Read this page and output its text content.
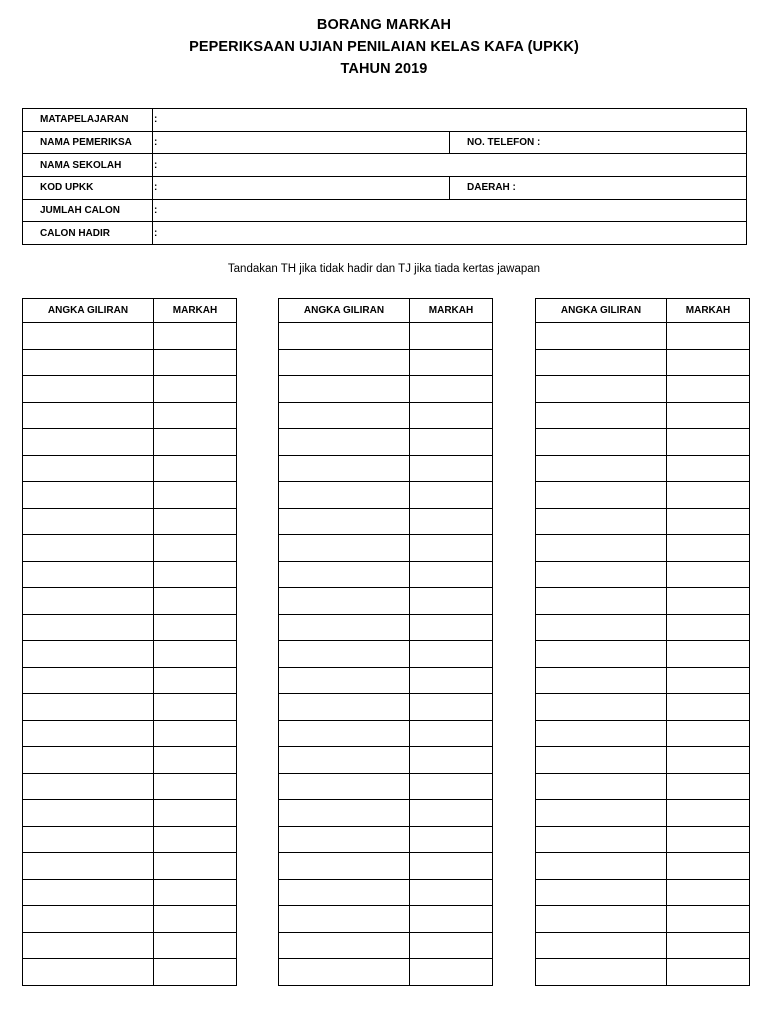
BORANG MARKAH
PEPERIKSAAN UJIAN PENILAIAN KELAS KAFA (UPKK)
TAHUN 2019
MATAPELAJARAN	:	
NAMA PEMERIKSA	:	NO. TELEFON :
NAMA SEKOLAH	:	
KOD UPKK	:	DAERAH :
JUMLAH CALON	:	
CALON HADIR	:	
Tandakan TH jika tidak hadir dan TJ jika tiada kertas jawapan
ANGKA GILIRAN	MARKAH

		ANGKA GILIRAN	MARKAH

		ANGKA GILIRAN	MARKAH
